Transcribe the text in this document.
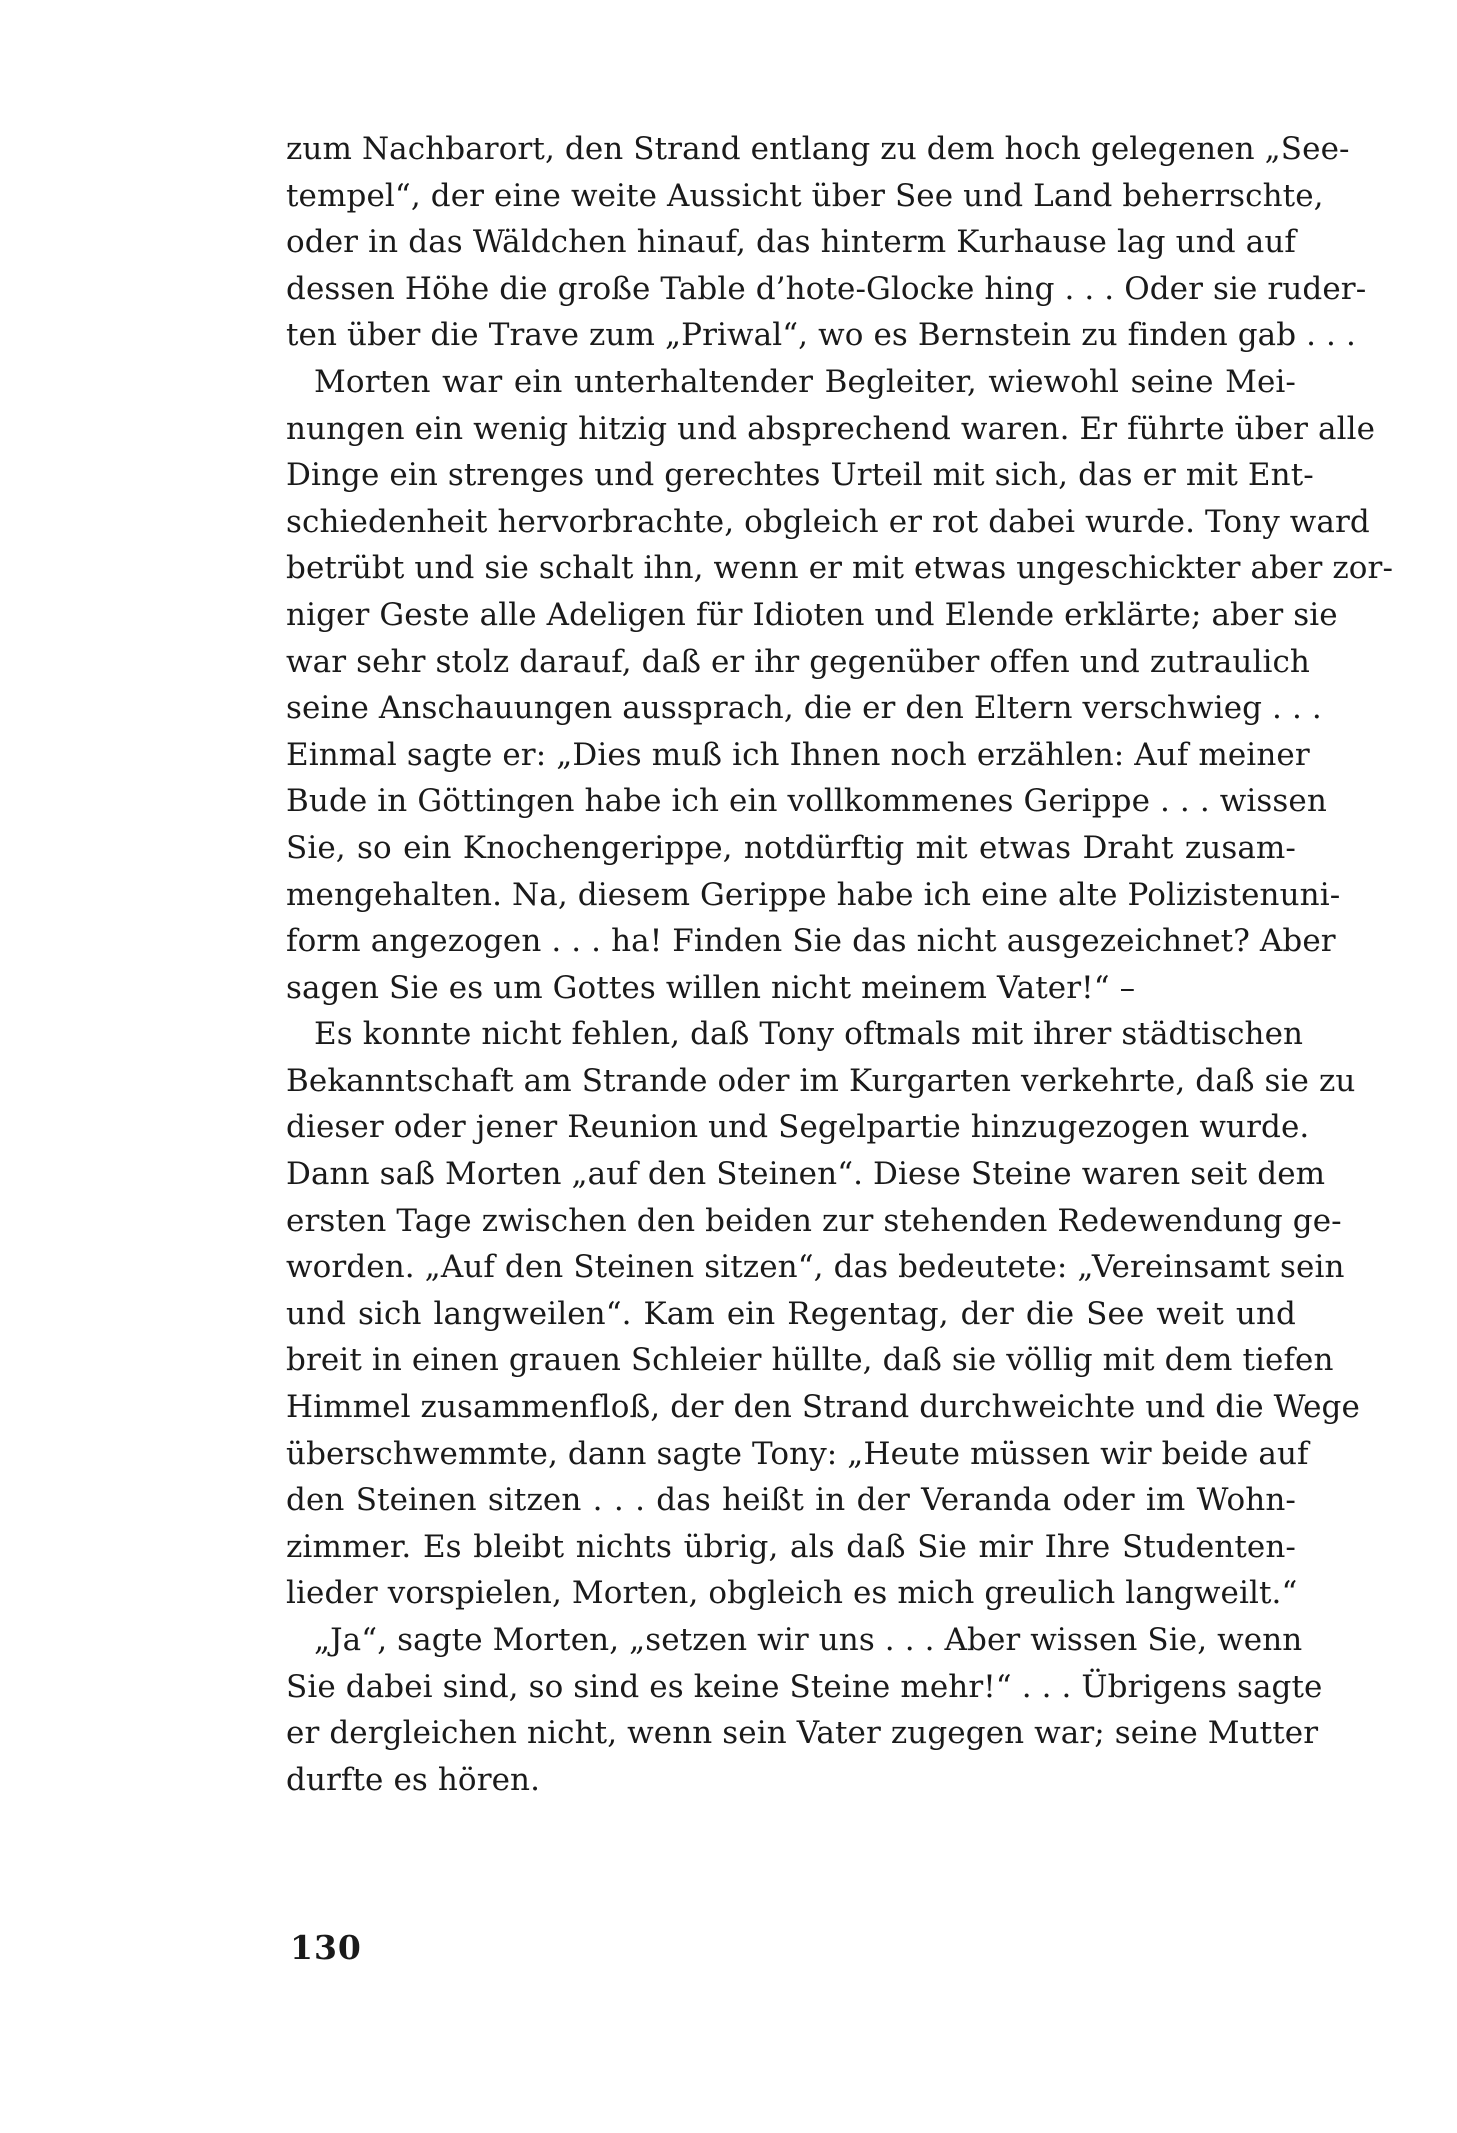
zum Nachbarort, den Strand entlang zu dem hoch gelegenen „See-
tempel“, der eine weite Aussicht über See und Land beherrschte,
oder in das Wäldchen hinauf, das hinterm Kurhause lag und auf
dessen Höhe die große Table d’hote-Glocke hing . . . Oder sie ruder-
ten über die Trave zum „Priwal“, wo es Bernstein zu finden gab . . .

Morten war ein unterhaltender Begleiter, wiewohl seine Mei-
nungen ein wenig hitzig und absprechend waren. Er führte über alle
Dinge ein strenges und gerechtes Urteil mit sich, das er mit Ent-
schiedenheit hervorbrachte, obgleich er rot dabei wurde. Tony ward
betrübt und sie schalt ihn, wenn er mit etwas ungeschickter aber zor-
niger Geste alle Adeligen für Idioten und Elende erklärte; aber sie
war sehr stolz darauf, daß er ihr gegenüber offen und zutraulich
seine Anschauungen aussprach, die er den Eltern verschwieg . . .
Einmal sagte er: „Dies muß ich Ihnen noch erzählen: Auf meiner
Bude in Göttingen habe ich ein vollkommenes Gerippe . . . wissen
Sie, so ein Knochengerippe, notdürftig mit etwas Draht zusam-
mengehalten. Na, diesem Gerippe habe ich eine alte Polizistenuni-
form angezogen . . . ha! Finden Sie das nicht ausgezeichnet? Aber
sagen Sie es um Gottes willen nicht meinem Vater!“ –

Es konnte nicht fehlen, daß Tony oftmals mit ihrer städtischen
Bekanntschaft am Strande oder im Kurgarten verkehrte, daß sie zu
dieser oder jener Reunion und Segelpartie hinzugezogen wurde.
Dann saß Morten „auf den Steinen“. Diese Steine waren seit dem
ersten Tage zwischen den beiden zur stehenden Redewendung ge-
worden. „Auf den Steinen sitzen“, das bedeutete: „Vereinsamt sein
und sich langweilen“. Kam ein Regentag, der die See weit und
breit in einen grauen Schleier hüllte, daß sie völlig mit dem tiefen
Himmel zusammenfloß, der den Strand durchweichte und die Wege
überschwemmte, dann sagte Tony: „Heute müssen wir beide auf
den Steinen sitzen . . . das heißt in der Veranda oder im Wohn-
zimmer. Es bleibt nichts übrig, als daß Sie mir Ihre Studenten-
lieder vorspielen, Morten, obgleich es mich greulich langweilt.“

„Ja“, sagte Morten, „setzen wir uns . . . Aber wissen Sie, wenn
Sie dabei sind, so sind es keine Steine mehr!“ . . . Übrigens sagte
er dergleichen nicht, wenn sein Vater zugegen war; seine Mutter
durfte es hören.

130
